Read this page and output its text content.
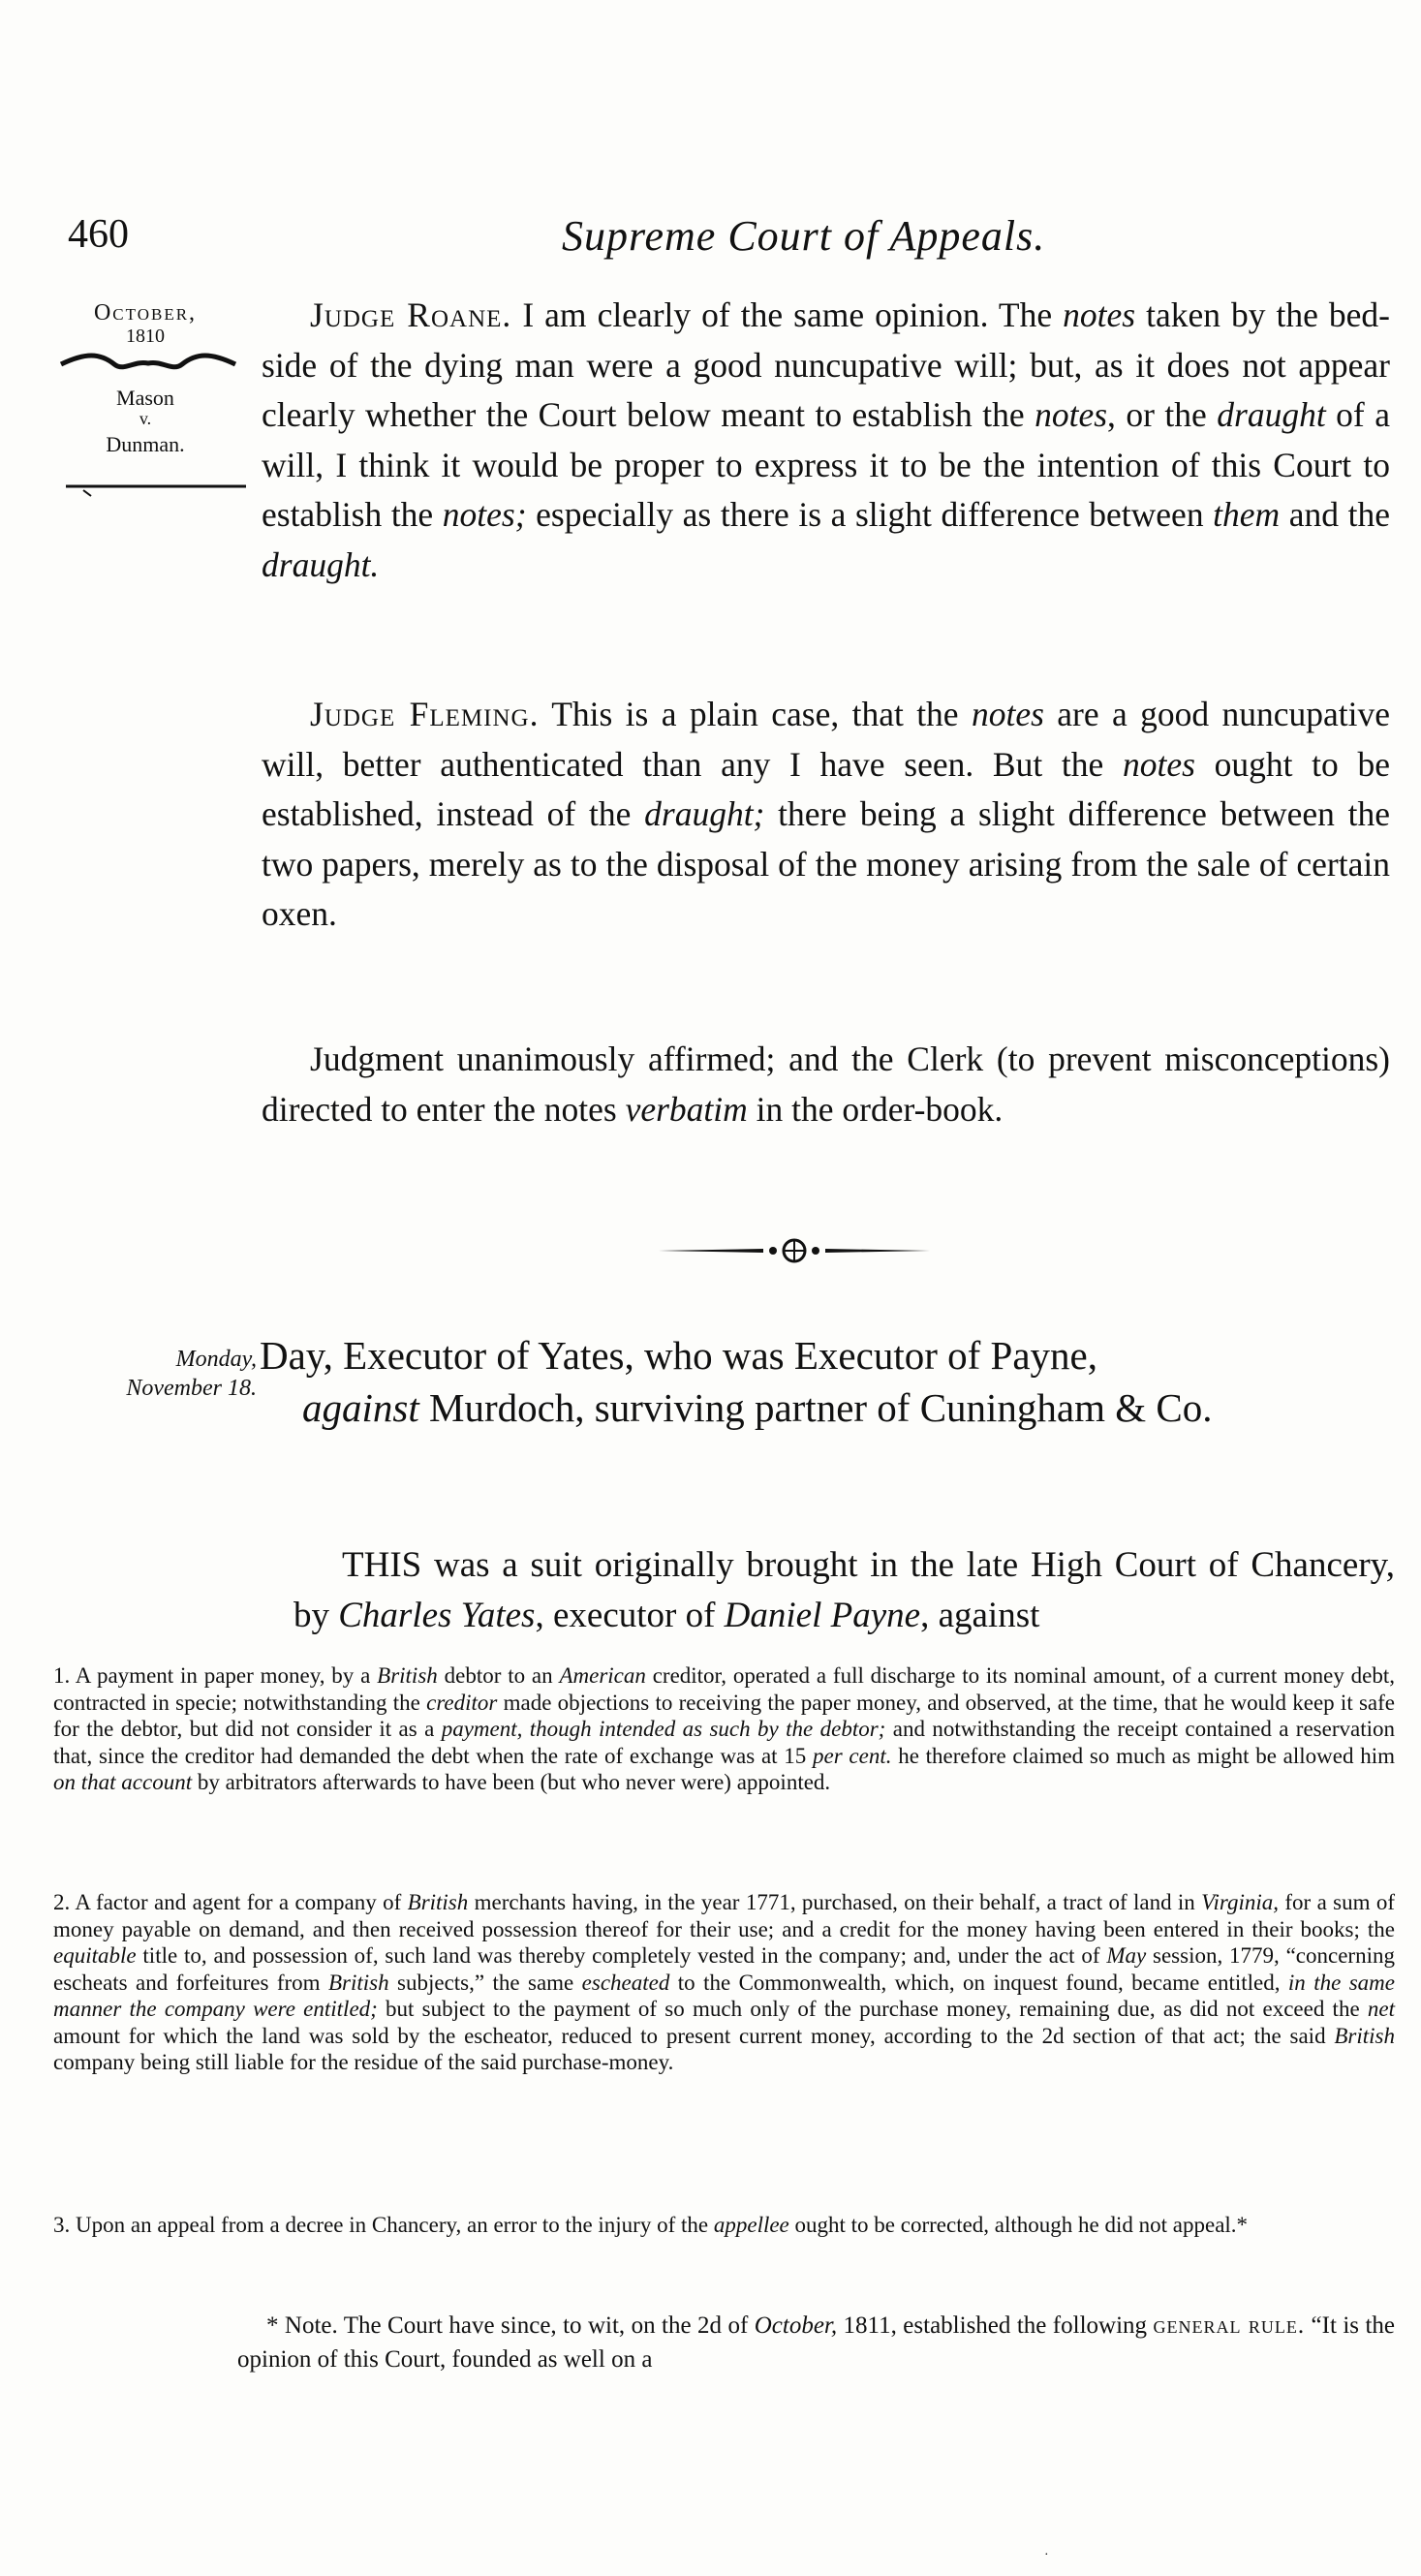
460	Supreme Court of Appeals.
October,
1810
Mason
v.
Dunman.
Judge Roane. I am clearly of the same opinion. The notes taken by the bed-side of the dying man were a good nuncupative will; but, as it does not appear clearly whether the Court below meant to establish the notes, or the draught of a will, I think it would be proper to express it to be the intention of this Court to establish the notes; especially as there is a slight difference between them and the draught.
Judge Fleming. This is a plain case, that the notes are a good nuncupative will, better authenticated than any I have seen. But the notes ought to be established, instead of the draught; there being a slight difference between the two papers, merely as to the disposal of the money arising from the sale of certain oxen.
Judgment unanimously affirmed; and the Clerk (to prevent misconceptions) directed to enter the notes verbatim in the order-book.
Monday,
November 18.
Day, Executor of Yates, who was Executor of Payne,
against Murdoch, surviving partner of Cuningham & Co.
THIS was a suit originally brought in the late High Court of Chancery, by Charles Yates, executor of Daniel Payne, against
1. A payment in paper money, by a British debtor to an American creditor, operated a full discharge to its nominal amount, of a current money debt, contracted in specie; notwithstanding the creditor made objections to receiving the paper money, and observed, at the time, that he would keep it safe for the debtor, but did not consider it as a payment, though intended as such by the debtor; and notwithstanding the receipt contained a reservation that, since the creditor had demanded the debt when the rate of exchange was at 15 per cent. he therefore claimed so much as might be allowed him on that account by arbitrators afterwards to have been (but who never were) appointed.
2. A factor and agent for a company of British merchants having, in the year 1771, purchased, on their behalf, a tract of land in Virginia, for a sum of money payable on demand, and then received possession thereof for their use; and a credit for the money having been entered in their books; the equitable title to, and possession of, such land was thereby completely vested in the company; and, under the act of May session, 1779, “concerning escheats and forfeitures from British subjects,” the same escheated to the Commonwealth, which, on inquest found, became entitled, in the same manner the company were entitled; but subject to the payment of so much only of the purchase money, remaining due, as did not exceed the net amount for which the land was sold by the escheator, reduced to present current money, according to the 2d section of that act; the said British company being still liable for the residue of the said purchase-money.
3. Upon an appeal from a decree in Chancery, an error to the injury of the appellee ought to be corrected, although he did not appeal.*
* Note. The Court have since, to wit, on the 2d of October, 1811, established the following general rule. “It is the opinion of this Court, founded as well on a
·
